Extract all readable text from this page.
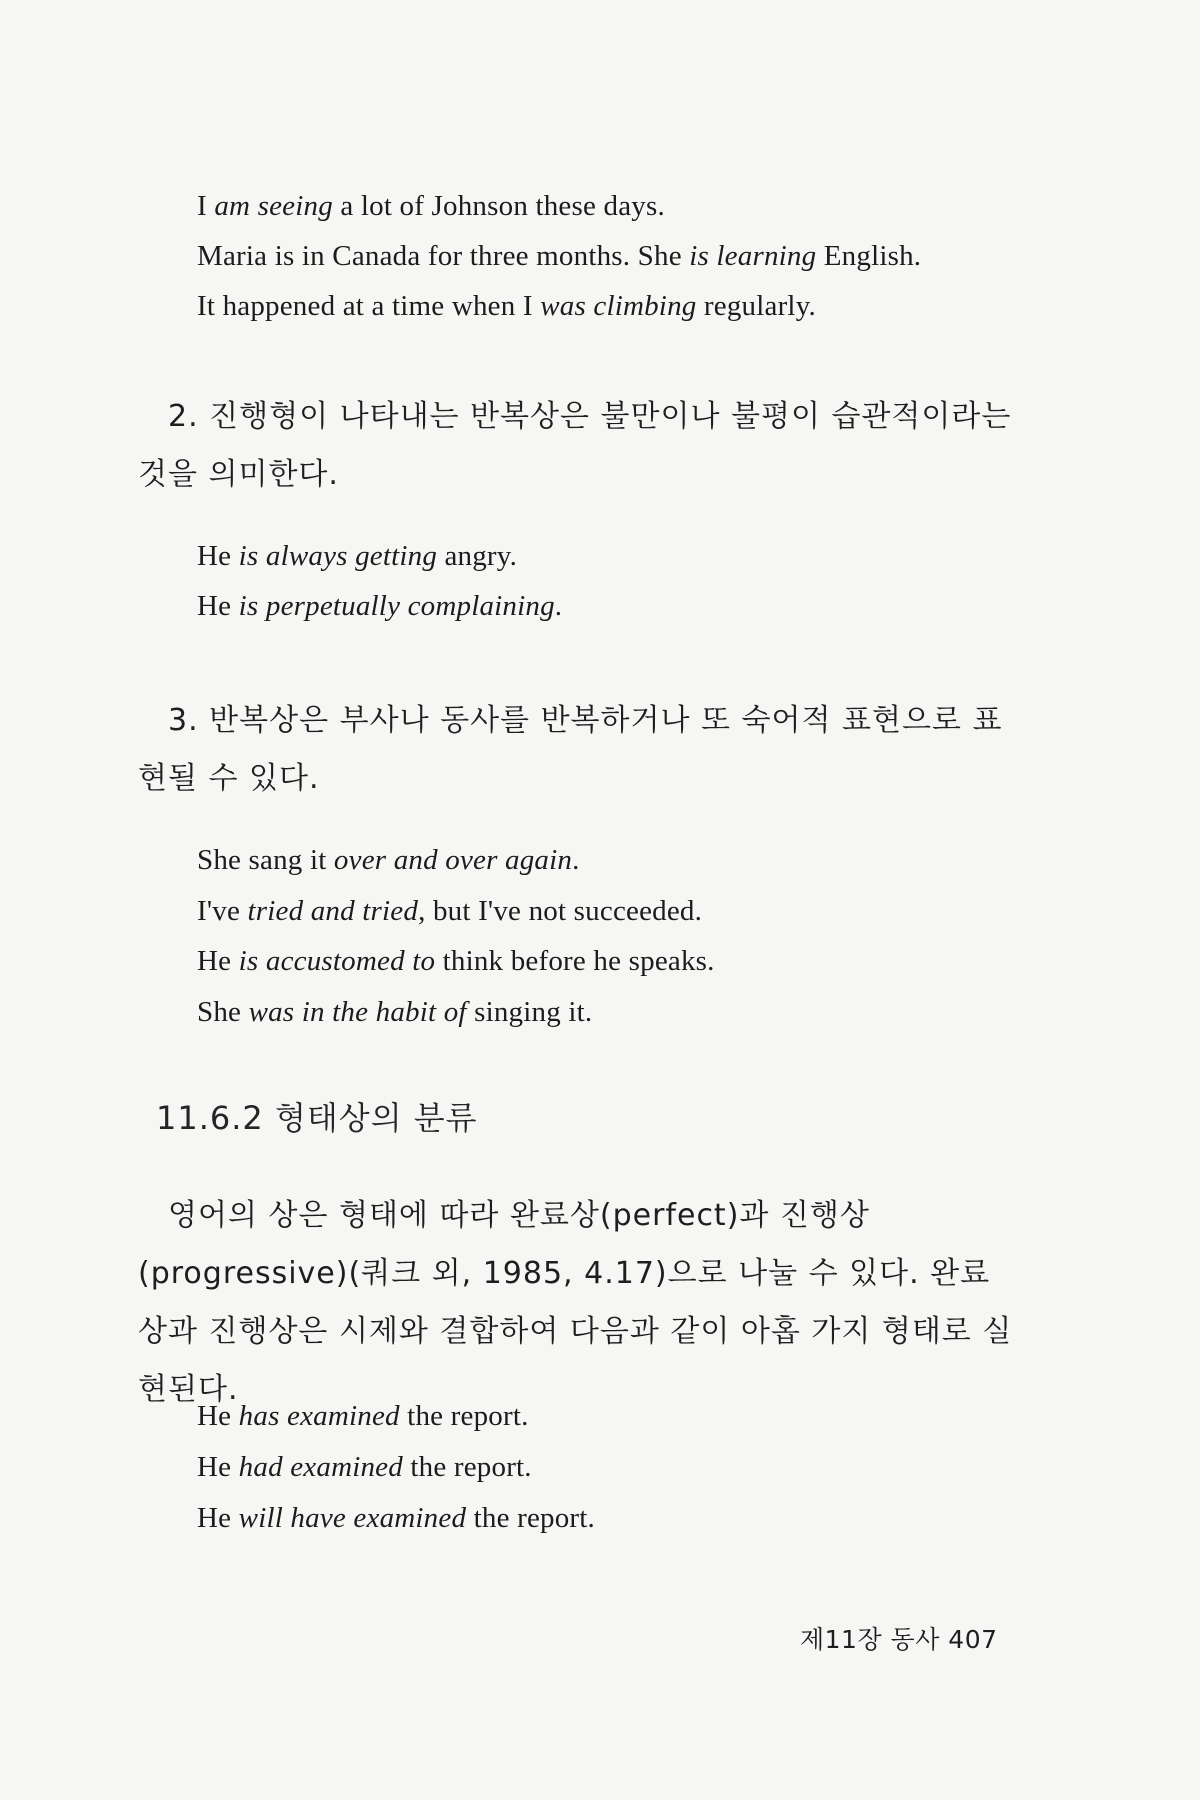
I am seeing a lot of Johnson these days.
Maria is in Canada for three months. She is learning English.
It happened at a time when I was climbing regularly.
2. 진행형이 나타내는 반복상은 불만이나 불평이 습관적이라는 것을 의미한다.
He is always getting angry.
He is perpetually complaining.
3. 반복상은 부사나 동사를 반복하거나 또 숙어적 표현으로 표현될 수 있다.
She sang it over and over again.
I've tried and tried, but I've not succeeded.
He is accustomed to think before he speaks.
She was in the habit of singing it.
11.6.2 형태상의 분류
영어의 상은 형태에 따라 완료상(perfect)과 진행상(progressive)(쿼크 외, 1985, 4.17)으로 나눌 수 있다. 완료상과 진행상은 시제와 결합하여 다음과 같이 아홉 가지 형태로 실현된다.
He has examined the report.
He had examined the report.
He will have examined the report.
제11장 동사 407
